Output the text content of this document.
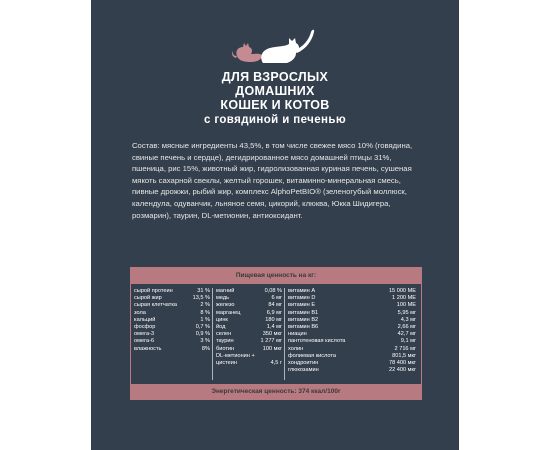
ДЛЯ ВЗРОСЛЫХ
ДОМАШНИХ
КОШЕК И КОТОВ
с говядиной и печенью

Состав: мясные ингредиенты 43,5%, в том числе свежее мясо 10% (говядина, свиные печень и сердце), дегидрированное мясо домашней птицы 31%, пшеница, рис 15%, животный жир, гидролизованная куриная печень, сушеная мякоть сахарной свеклы, желтый горошек, витаминно-минеральная смесь, пивные дрожжи, рыбий жир, комплекс AlphoPetBIO® (зеленогубый моллюск, календула, одуванчик, льняное семя, цикорий, клюква, Юкка Шидигера, розмарин), таурин, DL-метионин, антиоксидант.

Пищевая ценность на кг:
сырой протеин	31 %
сырой жир	13,5 %
сырая клетчатка	2 %
зола	8 %
кальций	1 %
фосфор	0,7 %
омега-3	0,9 %
омега-6	3 %
влажность	8%
магний	0,08 %
медь	6 мг
железо	84 мг
марганец	6,9 мг
цинк	180 мг
йод	1,4 мг
селен	350 мкг
таурин	1 277 мг
биотин	100 мкг
DL-метионин +
цистеин	4,5 г
витамин A	15 000 МЕ
витамин D	1 200 МЕ
витамин E	100 МЕ
витамин B1	5,95 мг
витамин B2	4,3 мг
витамин B6	2,66 мг
ниацин	42,7 мг
пантотеновая кислота	9,1 мг
холин	2 716 мг
фолиевая кислота	801,5 мкг
хондроитин	78 400 мкг
глюкозамин	22 400 мкг
Энергетическая ценность: 374 ккал/100г
